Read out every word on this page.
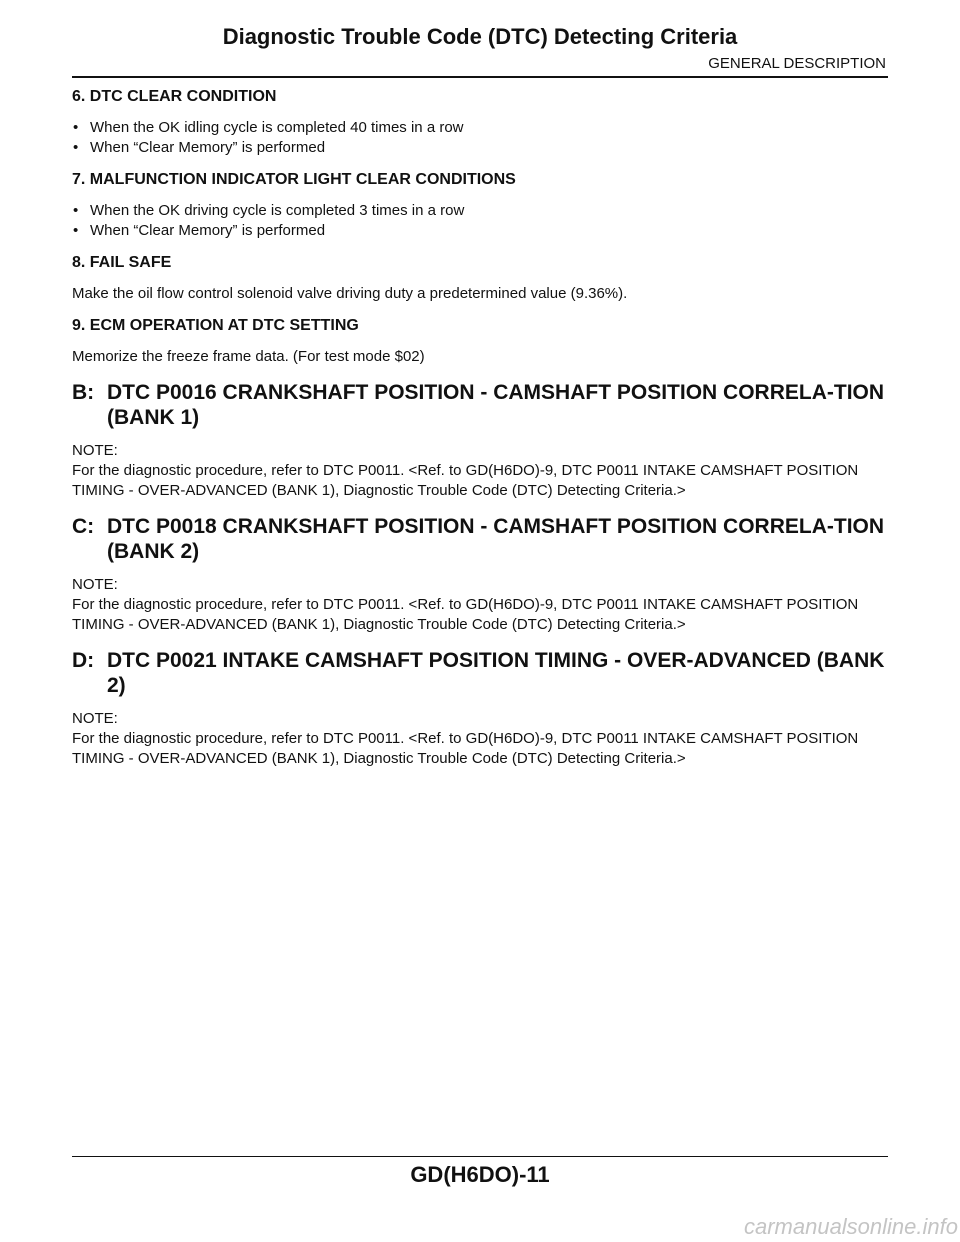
Diagnostic Trouble Code (DTC) Detecting Criteria
GENERAL DESCRIPTION
6. DTC CLEAR CONDITION
• When the OK idling cycle is completed 40 times in a row
• When “Clear Memory” is performed
7. MALFUNCTION INDICATOR LIGHT CLEAR CONDITIONS
• When the OK driving cycle is completed 3 times in a row
• When “Clear Memory” is performed
8. FAIL SAFE

Make the oil flow control solenoid valve driving duty a predetermined value (9.36%).

9. ECM OPERATION AT DTC SETTING

Memorize the freeze frame data. (For test mode $02)

B: DTC P0016 CRANKSHAFT POSITION - CAMSHAFT POSITION CORRELA-TION (BANK 1)
NOTE:

For the diagnostic procedure, refer to DTC P0011. <Ref. to GD(H6DO)-9, DTC P0011 INTAKE CAMSHAFT POSITION TIMING - OVER-ADVANCED (BANK 1), Diagnostic Trouble Code (DTC) Detecting Criteria.>

C: DTC P0018 CRANKSHAFT POSITION - CAMSHAFT POSITION CORRELA-TION (BANK 2)
NOTE:

For the diagnostic procedure, refer to DTC P0011. <Ref. to GD(H6DO)-9, DTC P0011 INTAKE CAMSHAFT POSITION TIMING - OVER-ADVANCED (BANK 1), Diagnostic Trouble Code (DTC) Detecting Criteria.>

D: DTC P0021 INTAKE CAMSHAFT POSITION TIMING - OVER-ADVANCED (BANK 2)
NOTE:

For the diagnostic procedure, refer to DTC P0011. <Ref. to GD(H6DO)-9, DTC P0011 INTAKE CAMSHAFT POSITION TIMING - OVER-ADVANCED (BANK 1), Diagnostic Trouble Code (DTC) Detecting Criteria.>

GD(H6DO)-11
carmanualsonline.info
